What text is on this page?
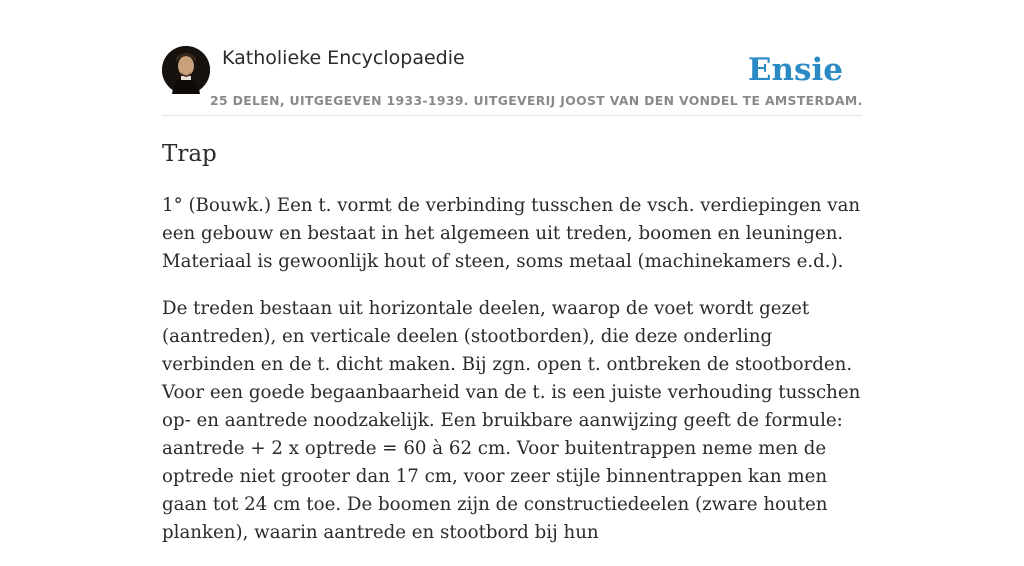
Katholieke Encyclopaedie
25 DELEN, UITGEGEVEN 1933-1939. UITGEVERIJ JOOST VAN DEN VONDEL TE AMSTERDAM.
Ensie
Trap

1° (Bouwk.) Een t. vormt de verbinding tusschen de vsch. verdiepingen van een gebouw en bestaat in het algemeen uit treden, boomen en leuningen. Materiaal is gewoonlijk hout of steen, soms metaal (machinekamers e.d.).

De treden bestaan uit horizontale deelen, waarop de voet wordt gezet (aantreden), en verticale deelen (stootborden), die deze onderling verbinden en de t. dicht maken. Bij zgn. open t. ontbreken de stootborden. Voor een goede begaanbaarheid van de t. is een juiste verhouding tusschen op- en aantrede noodzakelijk. Een bruikbare aanwijzing geeft de formule: aantrede + 2 x optrede = 60 à 62 cm. Voor buitentrappen neme men de optrede niet grooter dan 17 cm, voor zeer stijle binnentrappen kan men gaan tot 24 cm toe. De boomen zijn de constructiedeelen (zware houten planken), waarin aantrede en stootbord bij hun
